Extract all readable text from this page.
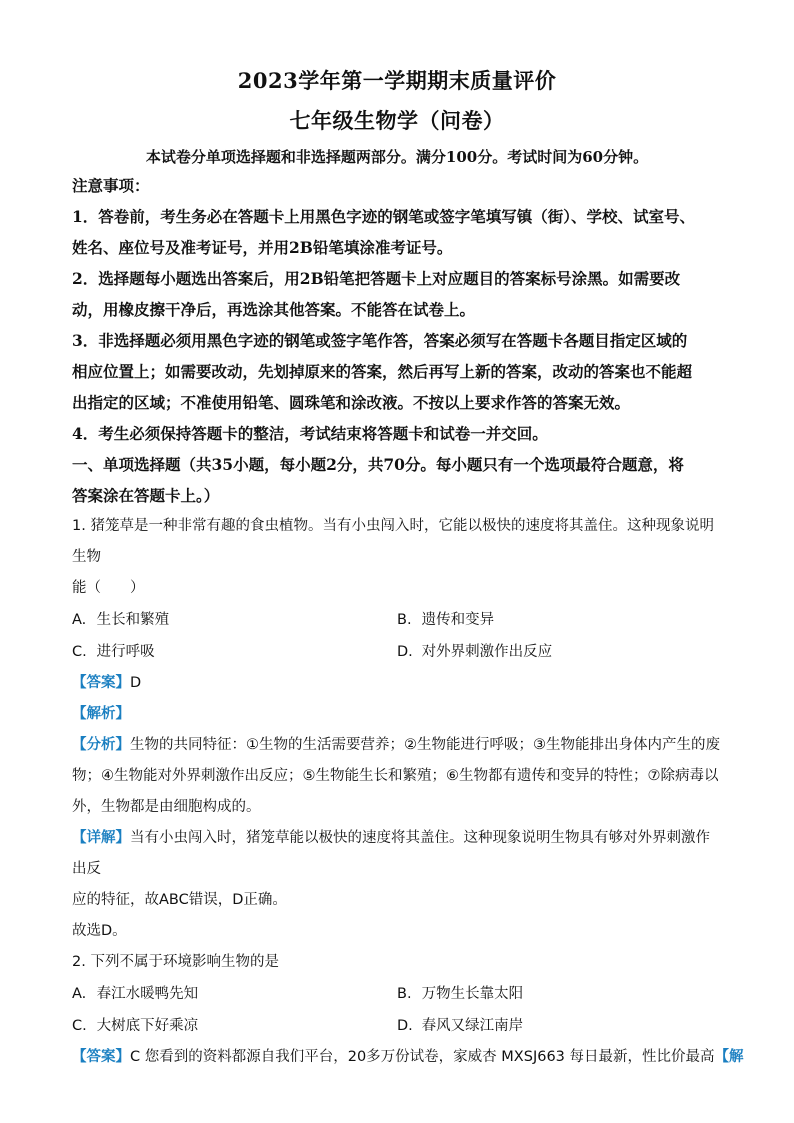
2023学年第一学期期末质量评价

七年级生物学（问卷）

本试卷分单项选择题和非选择题两部分。满分100分。考试时间为60分钟。

注意事项：

1．答卷前，考生务必在答题卡上用黑色字迹的钢笔或签字笔填写镇（街）、学校、试室号、

姓名、座位号及准考证号，并用2B铅笔填涂准考证号。

2．选择题每小题选出答案后，用2B铅笔把答题卡上对应题目的答案标号涂黑。如需要改

动，用橡皮擦干净后，再选涂其他答案。不能答在试卷上。

3．非选择题必须用黑色字迹的钢笔或签字笔作答，答案必须写在答题卡各题目指定区域的

相应位置上；如需要改动，先划掉原来的答案，然后再写上新的答案，改动的答案也不能超

出指定的区域；不准使用铅笔、圆珠笔和涂改液。不按以上要求作答的答案无效。

4．考生必须保持答题卡的整洁，考试结束将答题卡和试卷一并交回。

一、单项选择题（共35小题，每小题2分，共70分。每小题只有一个选项最符合题意，将

答案涂在答题卡上。）

1. 猪笼草是一种非常有趣的食虫植物。当有小虫闯入时，它能以极快的速度将其盖住。这种现象说明生物

能（　　）

A. 生长和繁殖	B. 遗传和变异
C. 进行呼吸	D. 对外界刺激作出反应

【答案】D

【解析】

【分析】生物的共同特征：①生物的生活需要营养；②生物能进行呼吸；③生物能排出身体内产生的废

物；④生物能对外界刺激作出反应；⑤生物能生长和繁殖；⑥生物都有遗传和变异的特性；⑦除病毒以

外，生物都是由细胞构成的。

【详解】当有小虫闯入时，猪笼草能以极快的速度将其盖住。这种现象说明生物具有够对外界刺激作出反

应的特征，故ABC错误，D正确。

故选D。

2. 下列不属于环境影响生物的是

A. 春江水暖鸭先知	B. 万物生长靠太阳
C. 大树底下好乘凉	D. 春风又绿江南岸

【答案】C 您看到的资料都源自我们平台，20多万份试卷，家威杏 MXSJ663 每日最新，性比价最高【解
